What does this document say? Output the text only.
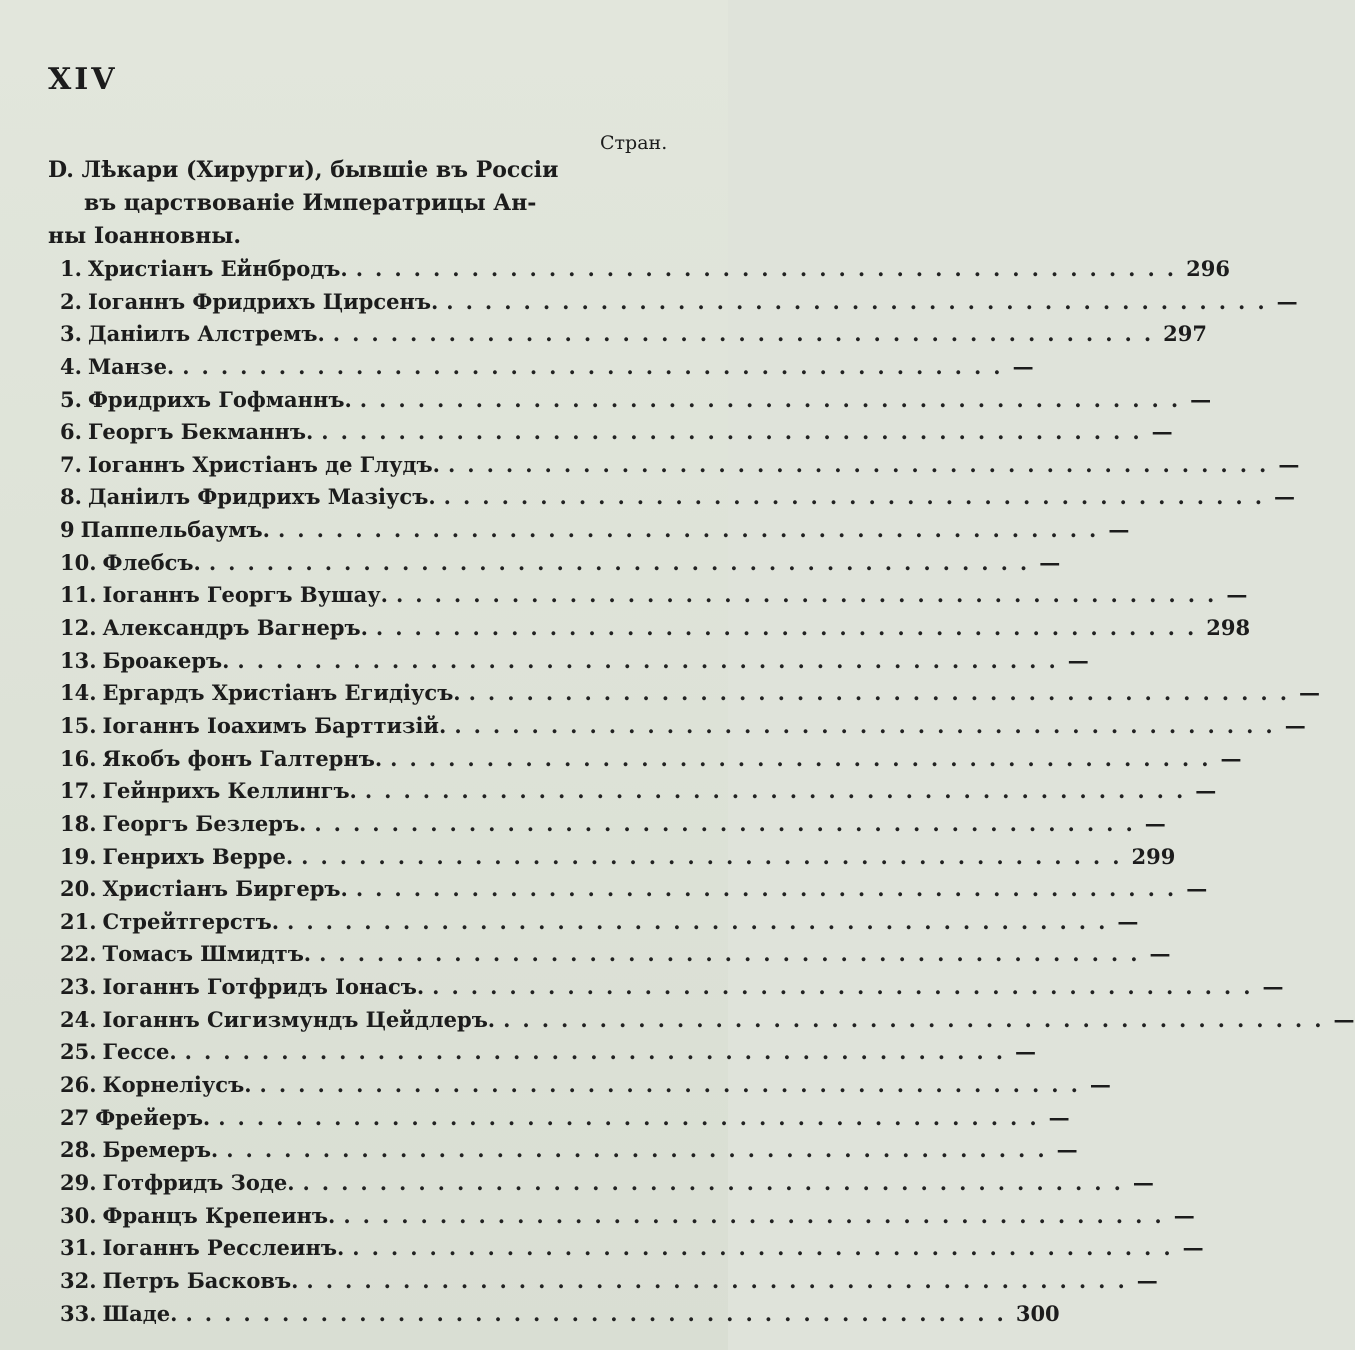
XIV
Стран.
D. Лѣкари (Хирурги), бывшіе въ Россіи
въ царствованіе Императрицы Ан-
ны Іоанновны.
1. Христіанъ Ейнбродъ. ........................................... 296
2. Іоганнъ Фридрихъ Цирсенъ. ........................................... —
3. Даніилъ Алстремъ. ........................................... 297
4. Манзе. ........................................... —
5. Фридрихъ Гофманнъ. ........................................... —
6. Георгъ Бекманнъ. ........................................... —
7. Іоганнъ Христіанъ де Глудъ. ........................................... —
8. Даніилъ Фридрихъ Мазіусъ. ........................................... —
9 Паппельбаумъ. ........................................... —
10. Флебсъ. ........................................... —
11. Іоганнъ Георгъ Вушау. ........................................... —
12. Александръ Вагнеръ. ........................................... 298
13. Броакеръ. ........................................... —
14. Ергардъ Христіанъ Егидіусъ. ........................................... —
15. Іоганнъ Іоахимъ Барттизій. ........................................... —
16. Якобъ фонъ Галтернъ. ........................................... —
17. Гейнрихъ Келлингъ. ........................................... —
18. Георгъ Безлеръ. ........................................... —
19. Генрихъ Верре. ........................................... 299
20. Христіанъ Биргеръ. ........................................... —
21. Стрейтгерстъ. ........................................... —
22. Томасъ Шмидтъ. ........................................... —
23. Іоганнъ Готфридъ Іонасъ. ........................................... —
24. Іоганнъ Сигизмундъ Цейдлеръ. ........................................... —
25. Гессе. ........................................... —
26. Корнеліусъ. ........................................... —
27 Фрейеръ. ........................................... —
28. Бремеръ. ........................................... —
29. Готфридъ Зоде. ........................................... —
30. Францъ Крепеинъ. ........................................... —
31. Іоганнъ Ресслеинъ. ........................................... —
32. Петръ Басковъ. ........................................... —
33. Шаде. ........................................... 300
